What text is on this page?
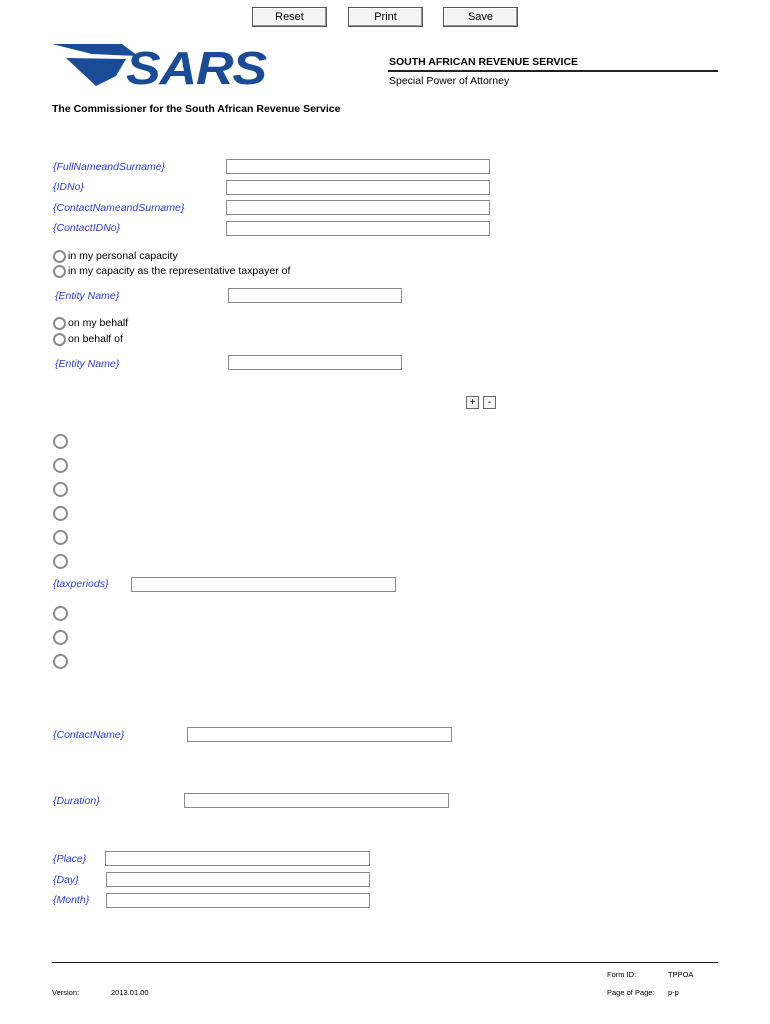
Reset	Print	Save
SARS	SOUTH AFRICAN REVENUE SERVICE
Special Power of Attorney
The Commissioner for the South African Revenue Service
{FullNameandSurname}
{IDNo}
{ContactNameandSurname}
{ContactIDNo}
in my personal capacity
in my capacity as the representative taxpayer of
{Entity Name}
on my behalf
on behalf of
{Entity Name}
+	-
{taxperiods}
{ContactName}
{Duration}
{Place}
{Day}
{Month}
Form ID:	TPPOA
Version:	2013.01.00	Page of Page: p-p
